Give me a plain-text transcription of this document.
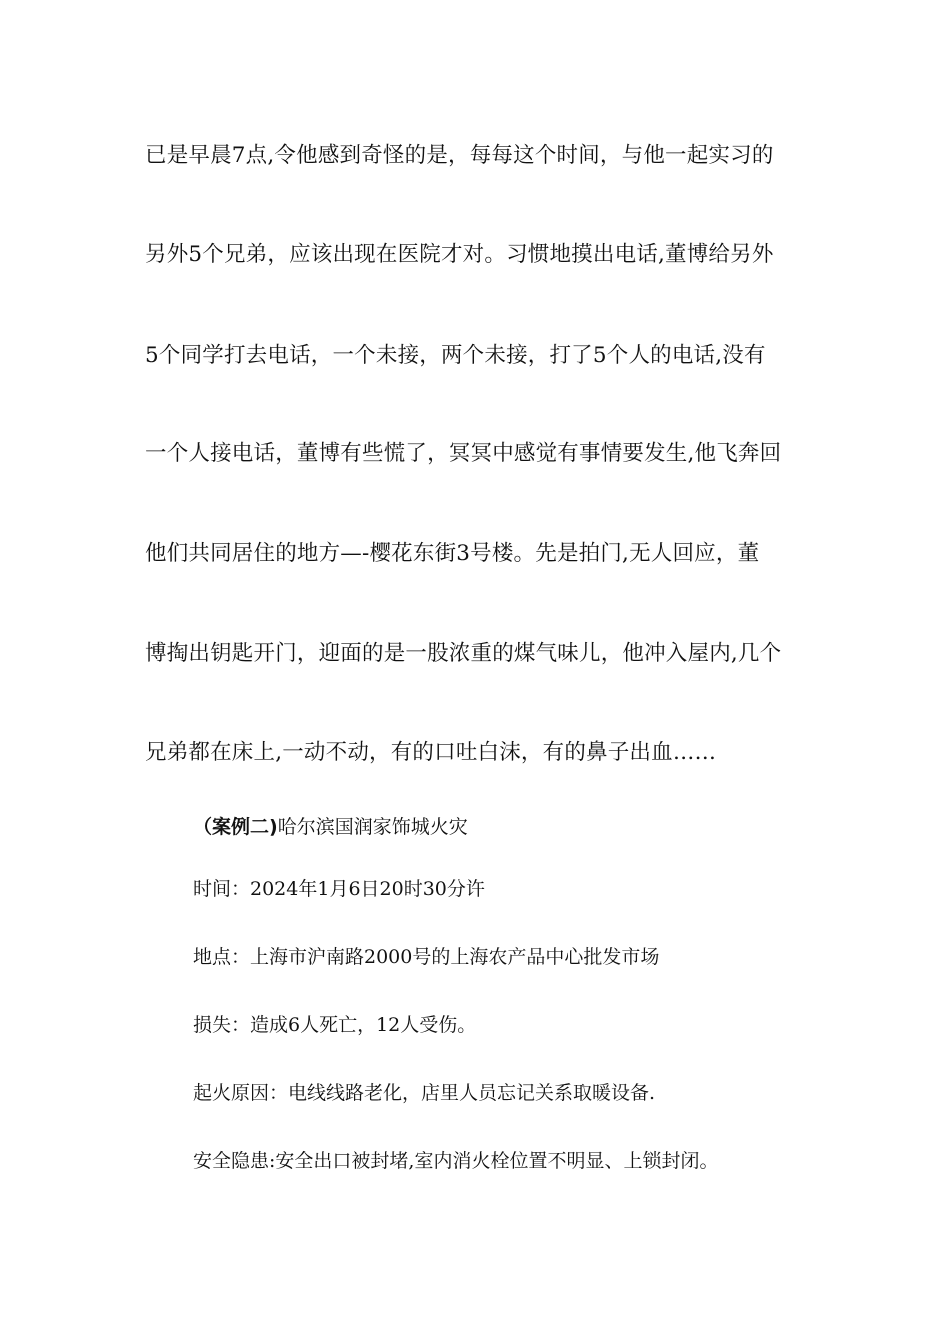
已是早晨7点,令他感到奇怪的是，每每这个时间，与他一起实习的
另外5个兄弟，应该出现在医院才对。习惯地摸出电话,董博给另外
5个同学打去电话，一个未接，两个未接，打了5个人的电话,没有
一个人接电话，董博有些慌了，冥冥中感觉有事情要发生,他飞奔回
他们共同居住的地方—-樱花东街3号楼。先是拍门,无人回应，董
博掏出钥匙开门，迎面的是一股浓重的煤气味儿，他冲入屋内,几个
兄弟都在床上,一动不动，有的口吐白沫，有的鼻子出血……
（案例二)哈尔滨国润家饰城火灾
时间：2024年1月6日20时30分许
地点：上海市沪南路2000号的上海农产品中心批发市场
损失：造成6人死亡，12人受伤。
起火原因：电线线路老化，店里人员忘记关系取暖设备.
安全隐患:安全出口被封堵,室内消火栓位置不明显、上锁封闭。
